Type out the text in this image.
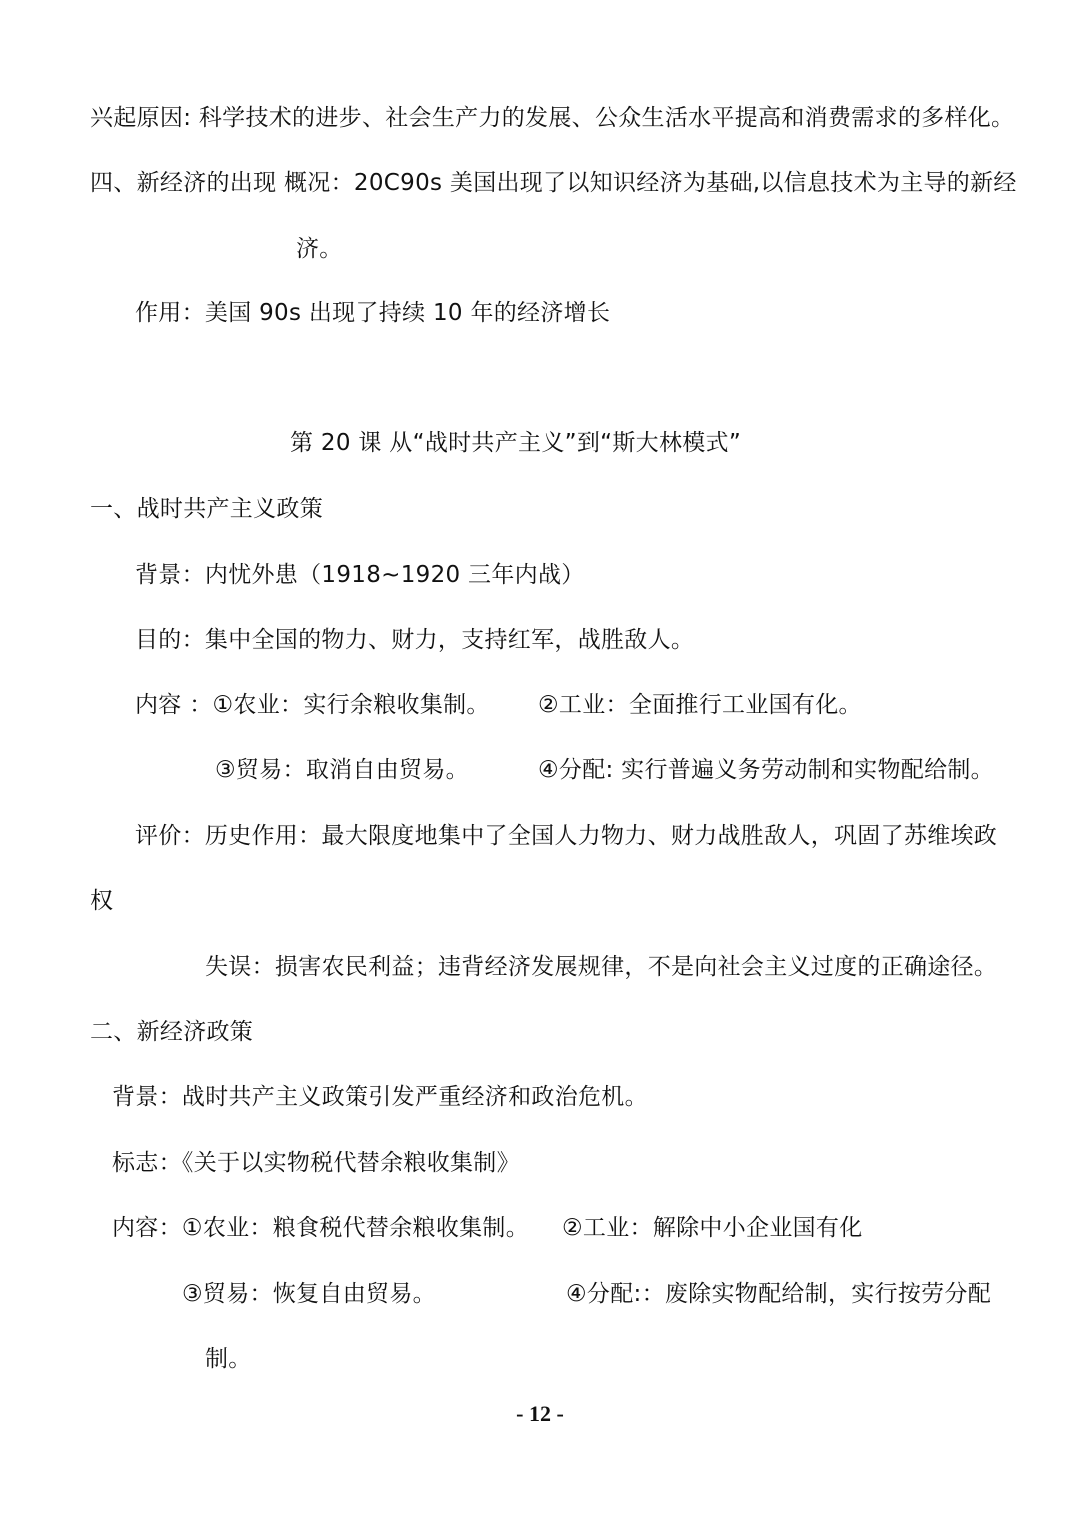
兴起原因: 科学技术的进步、社会生产力的发展、公众生活水平提高和消费需求的多样化。
四、新经济的出现 概况：20C90s 美国出现了以知识经济为基础,以信息技术为主导的新经
济。
作用：美国 90s 出现了持续 10 年的经济增长
第 20 课 从“战时共产主义”到“斯大林模式”
一、战时共产主义政策
背景：内忧外患（1918~1920 三年内战）
目的：集中全国的物力、财力，支持红军，战胜敌人。
内容 ：①农业：实行余粮收集制。 ②工业：全面推行工业国有化。
③贸易：取消自由贸易。	④分配: 实行普遍义务劳动制和实物配给制。
评价：历史作用：最大限度地集中了全国人力物力、财力战胜敌人，巩固了苏维埃政
权
失误：损害农民利益；违背经济发展规律，不是向社会主义过度的正确途径。
二、新经济政策
背景：战时共产主义政策引发严重经济和政治危机。
标志：《关于以实物税代替余粮收集制》
内容：①农业：粮食税代替余粮收集制。 ②工业：解除中小企业国有化
③贸易：恢复自由贸易。	④分配:：废除实物配给制，实行按劳分配
制。
- 12 -
